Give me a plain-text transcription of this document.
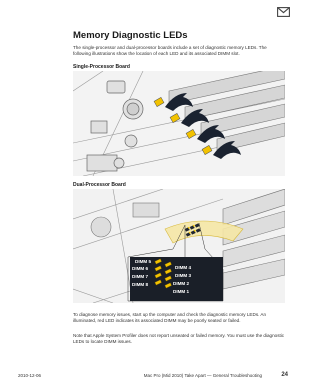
Memory Diagnostic LEDs
The single-processor and dual-processor boards include a set of diagnostic memory LEDs. The following illustrations show the location of each LED and its associated DIMM slot.
Single-Processor Board
Dual-Processor Board
DIMM 5
DIMM 6
DIMM 7
DIMM 8
DIMM 4
DIMM 3
DIMM 2
DIMM 1
To diagnose memory issues, start up the computer and check the diagnostic memory LEDs. An illuminated, red LED indicates its associated DIMM may be poorly seated or failed.
Note that Apple System Profiler does not report unseated or failed memory. You must use the diagnostic LEDs to locate DIMM issues.
2010-12-06	Mac Pro (Mid 2010) Take Apart — General Troubleshooting	24
